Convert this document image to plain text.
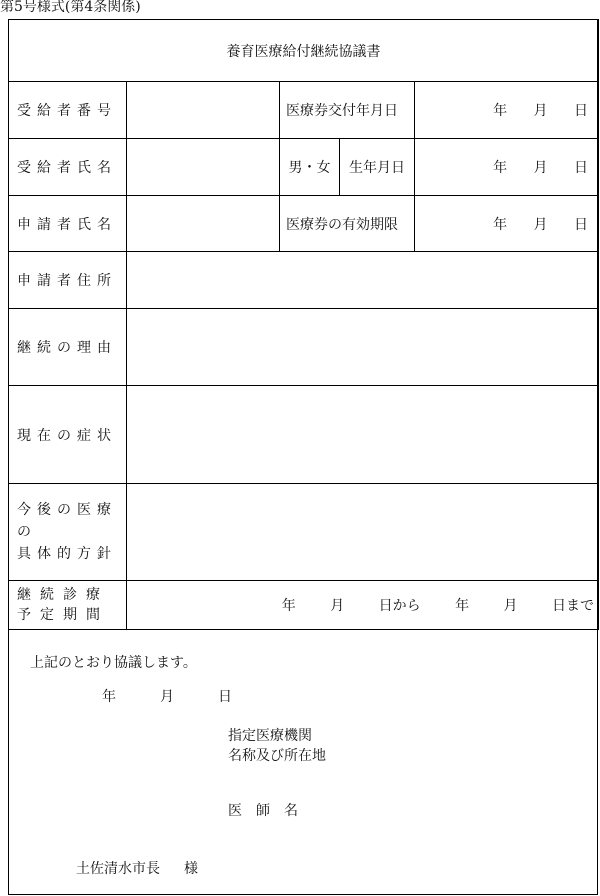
第5号様式(第4条関係)
養育医療給付継続協議書				
受給者番号		医療券交付年月日		年 月 日
受給者氏名		男・女	生年月日	年 月 日
申請者氏名		医療券の有効期限		年 月 日
申請者住所				
継続の理由				
現在の症状				
今後の医療の
具体的方針				
継続診療
予定期間	年 月 日から 年 月 日まで			
上記のとおり協議します。
年	月	日
指定医療機関
名称及び所在地
医　師　名
土佐清水市長 様
